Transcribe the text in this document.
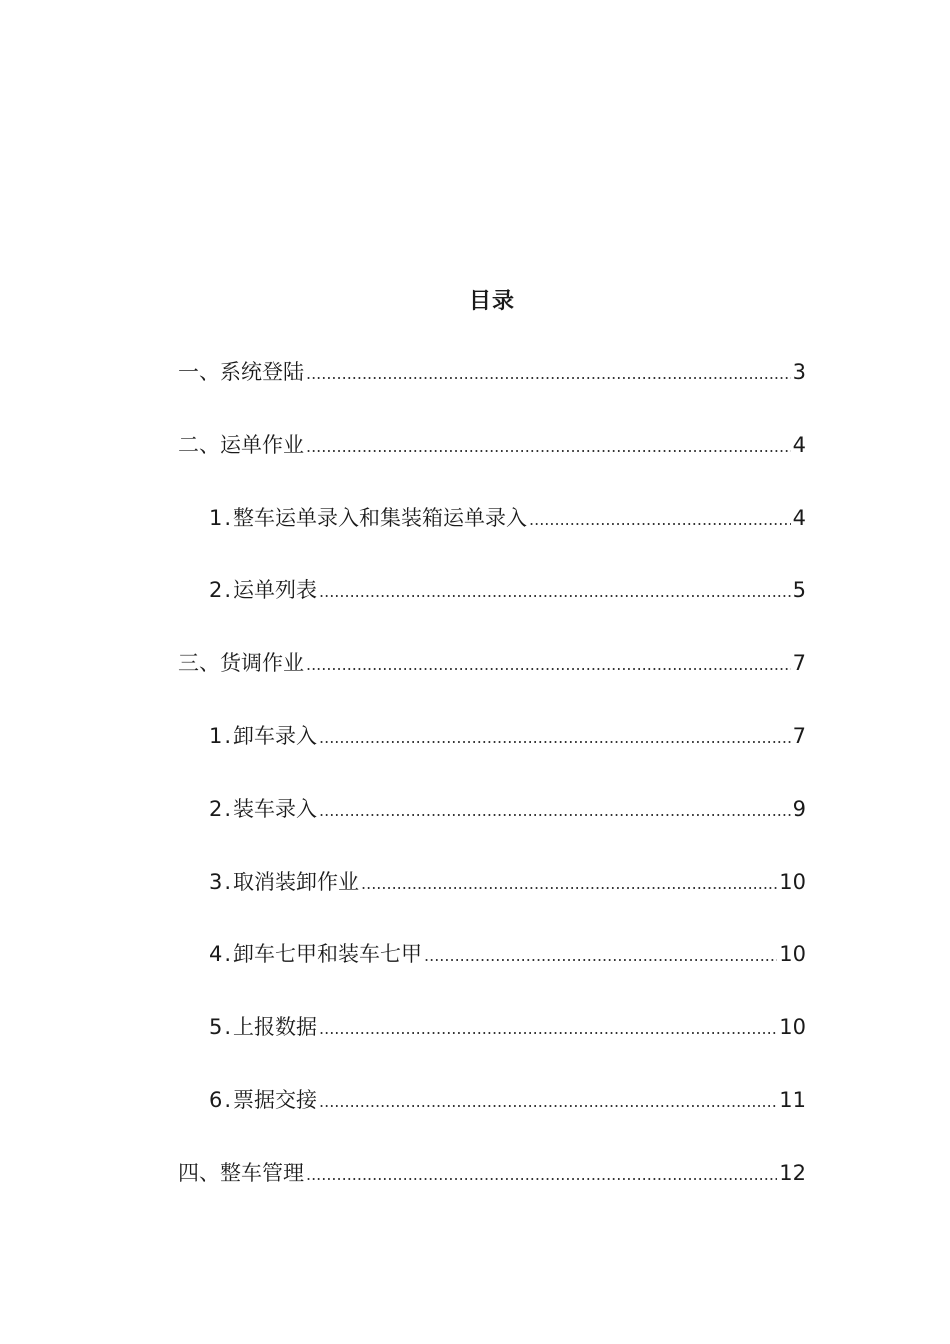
目录
一、系统登陆 .....	3
二、运单作业 .....	4
1. 整车运单录入和集装箱运单录入 .....	4
2. 运单列表 .....	5
三、货调作业 .....	7
1. 卸车录入 .....	7
2. 装车录入 .....	9
3. 取消装卸作业 .....	10
4. 卸车七甲和装车七甲 .....	10
5. 上报数据 .....	10
6. 票据交接 .....	11
四、整车管理 .....	12
